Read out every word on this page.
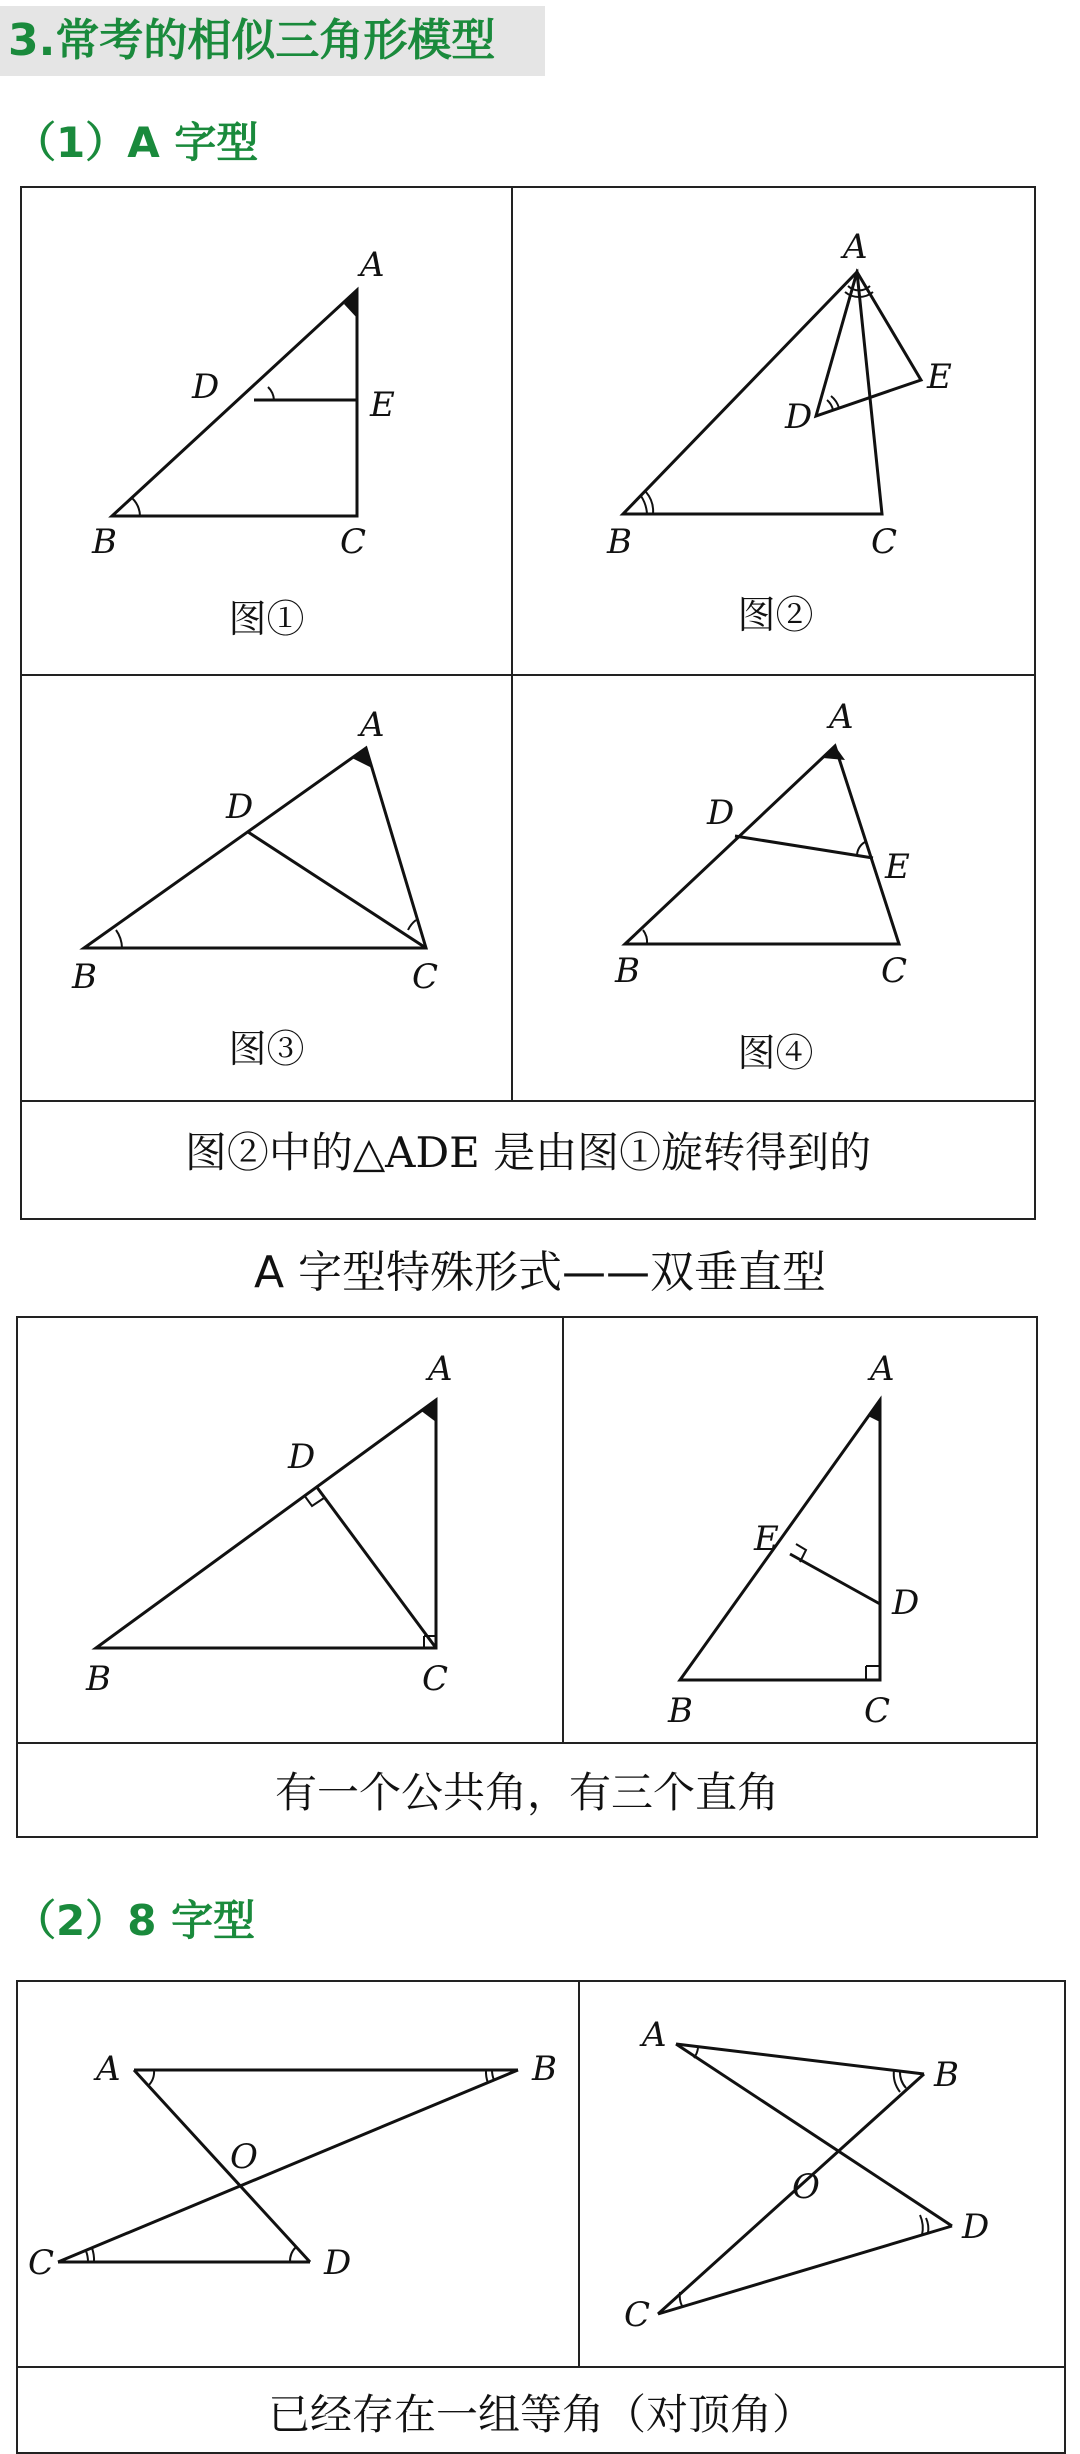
3.常考的相似三角形模型
（1）A 字型
A
D	E
B	C
图①
A
E
D
B	C
图②
A
D
B	C
图③
A
D
E
B	C
图④
图②中的△ADE 是由图①旋转得到的
A 字型特殊形式——双垂直型
A
D
B	C
A
E
D
B	C
有一个公共角，有三个直角
（2）8 字型
A	B
O
C	D
A
B
O
D
C
已经存在一组等角（对顶角）
